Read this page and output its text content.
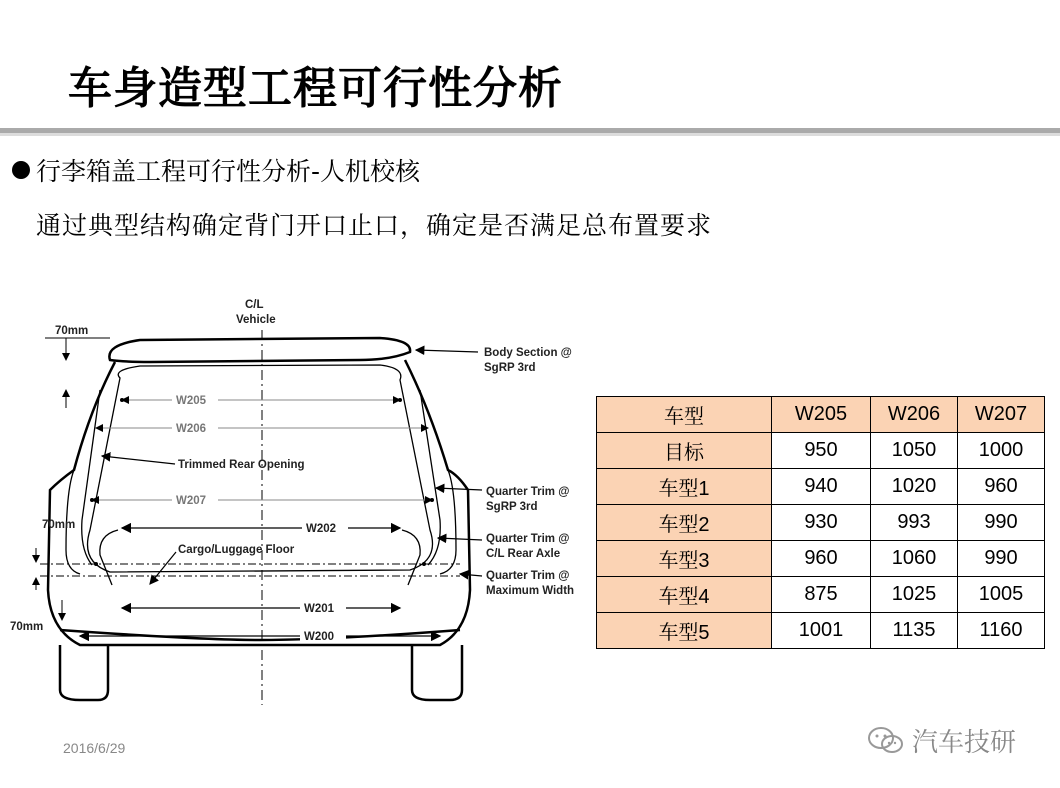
车身造型工程可行性分析
行李箱盖工程可行性分析-人机校核
通过典型结构确定背门开口止口，确定是否满足总布置要求
C/L
Vehicle
70mm
70mm
70mm
W205
W206
W207
W202
W201
W200
Trimmed Rear Opening
Cargo/Luggage Floor
Body Section @
SgRP 3rd
Quarter Trim @
SgRP 3rd
Quarter Trim @
C/L Rear Axle
Quarter Trim @
Maximum Width
车型	W205	W206	W207
目标	950	1050	1000
车型1	940	1020	960
车型2	930	993	990
车型3	960	1060	990
车型4	875	1025	1005
车型5	1001	1135	1160
2016/6/29	汽车技研
